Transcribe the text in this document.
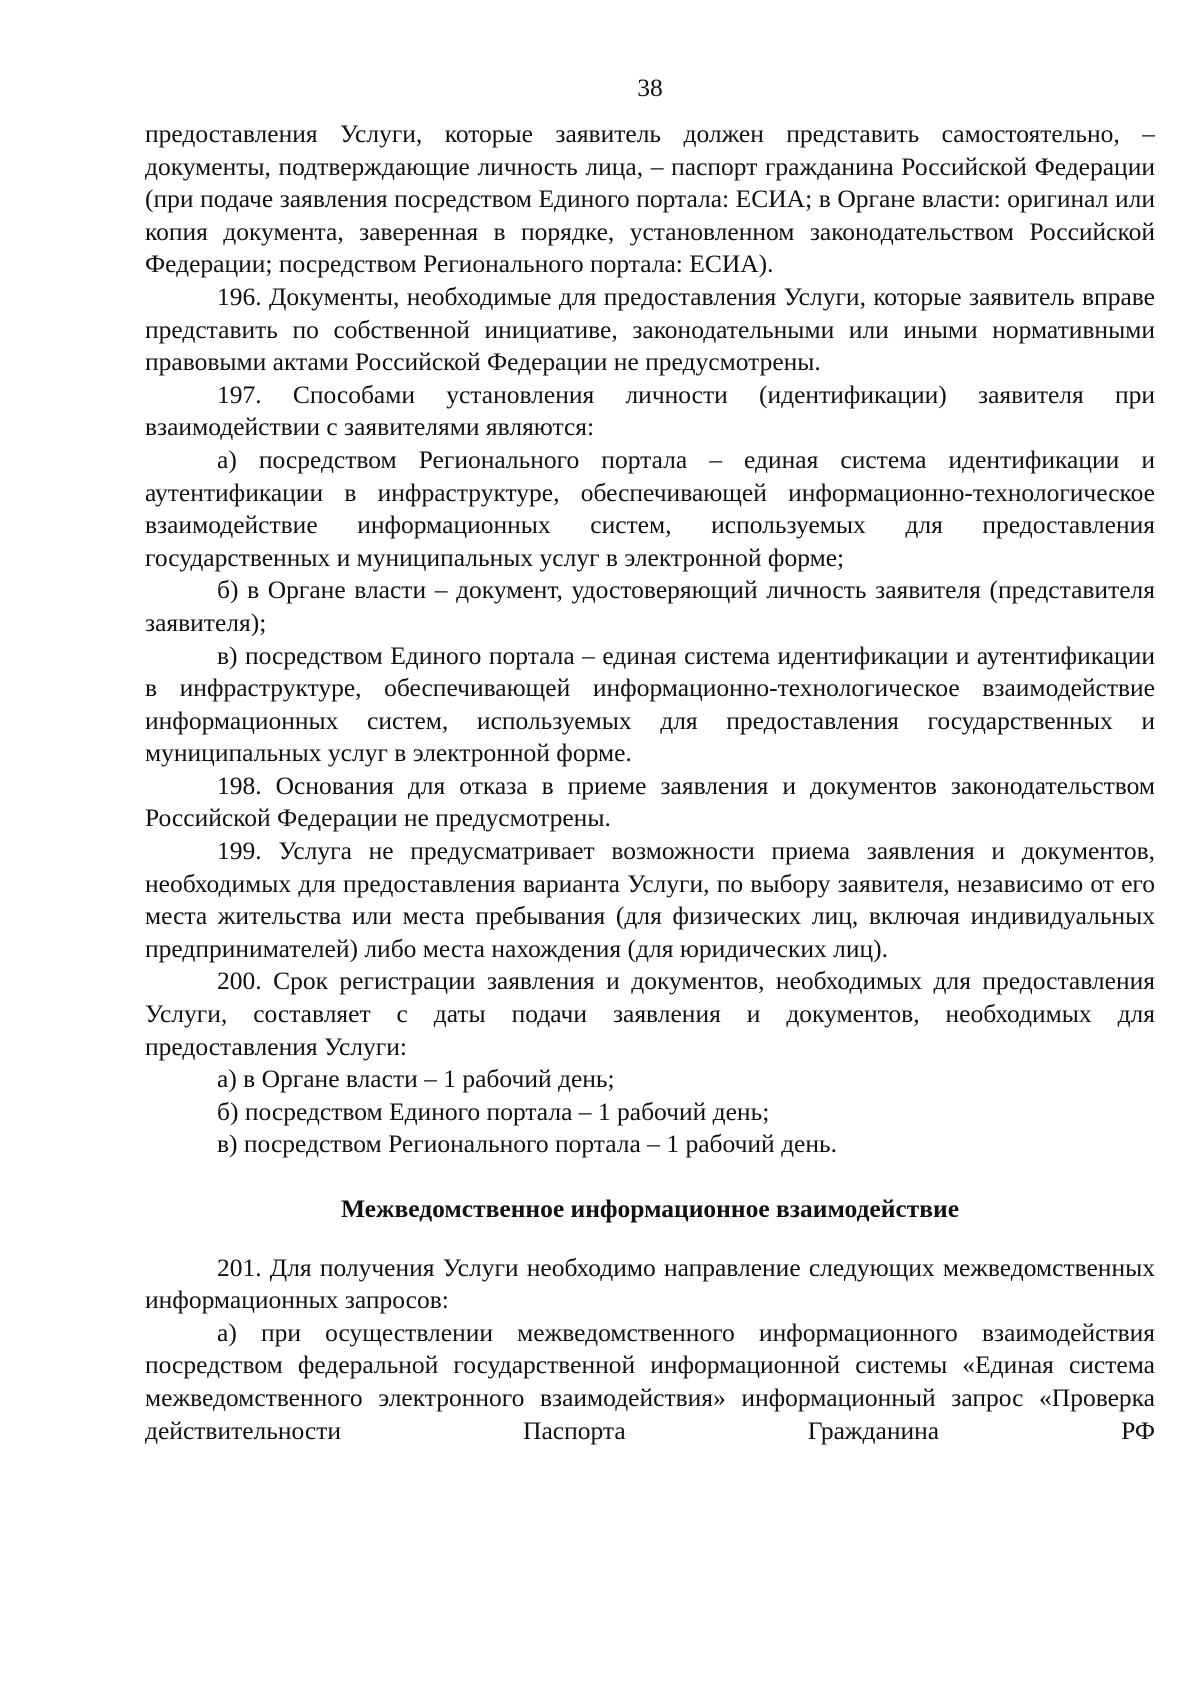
38

предоставления Услуги, которые заявитель должен представить самостоятельно, – документы, подтверждающие личность лица, – паспорт гражданина Российской Федерации (при подаче заявления посредством Единого портала: ЕСИА; в Органе власти: оригинал или копия документа, заверенная в порядке, установленном законодательством Российской Федерации; посредством Регионального портала: ЕСИА).

196. Документы, необходимые для предоставления Услуги, которые заявитель вправе представить по собственной инициативе, законодательными или иными нормативными правовыми актами Российской Федерации не предусмотрены.

197. Способами установления личности (идентификации) заявителя при взаимодействии с заявителями являются:

а) посредством Регионального портала – единая система идентификации и аутентификации в инфраструктуре, обеспечивающей информационно-технологическое взаимодействие информационных систем, используемых для предоставления государственных и муниципальных услуг в электронной форме;

б) в Органе власти – документ, удостоверяющий личность заявителя (представителя заявителя);

в) посредством Единого портала – единая система идентификации и аутентификации в инфраструктуре, обеспечивающей информационно-технологическое взаимодействие информационных систем, используемых для предоставления государственных и муниципальных услуг в электронной форме.

198. Основания для отказа в приеме заявления и документов законодательством Российской Федерации не предусмотрены.

199. Услуга не предусматривает возможности приема заявления и документов, необходимых для предоставления варианта Услуги, по выбору заявителя, независимо от его места жительства или места пребывания (для физических лиц, включая индивидуальных предпринимателей) либо места нахождения (для юридических лиц).

200. Срок регистрации заявления и документов, необходимых для предоставления Услуги, составляет с даты подачи заявления и документов, необходимых для предоставления Услуги:

а) в Органе власти – 1 рабочий день;

б) посредством Единого портала – 1 рабочий день;

в) посредством Регионального портала – 1 рабочий день.

Межведомственное информационное взаимодействие

201. Для получения Услуги необходимо направление следующих межведомственных информационных запросов:

а) при осуществлении межведомственного информационного взаимодействия посредством федеральной государственной информационной системы «Единая система межведомственного электронного взаимодействия» информационный запрос «Проверка действительности Паспорта Гражданина РФ
